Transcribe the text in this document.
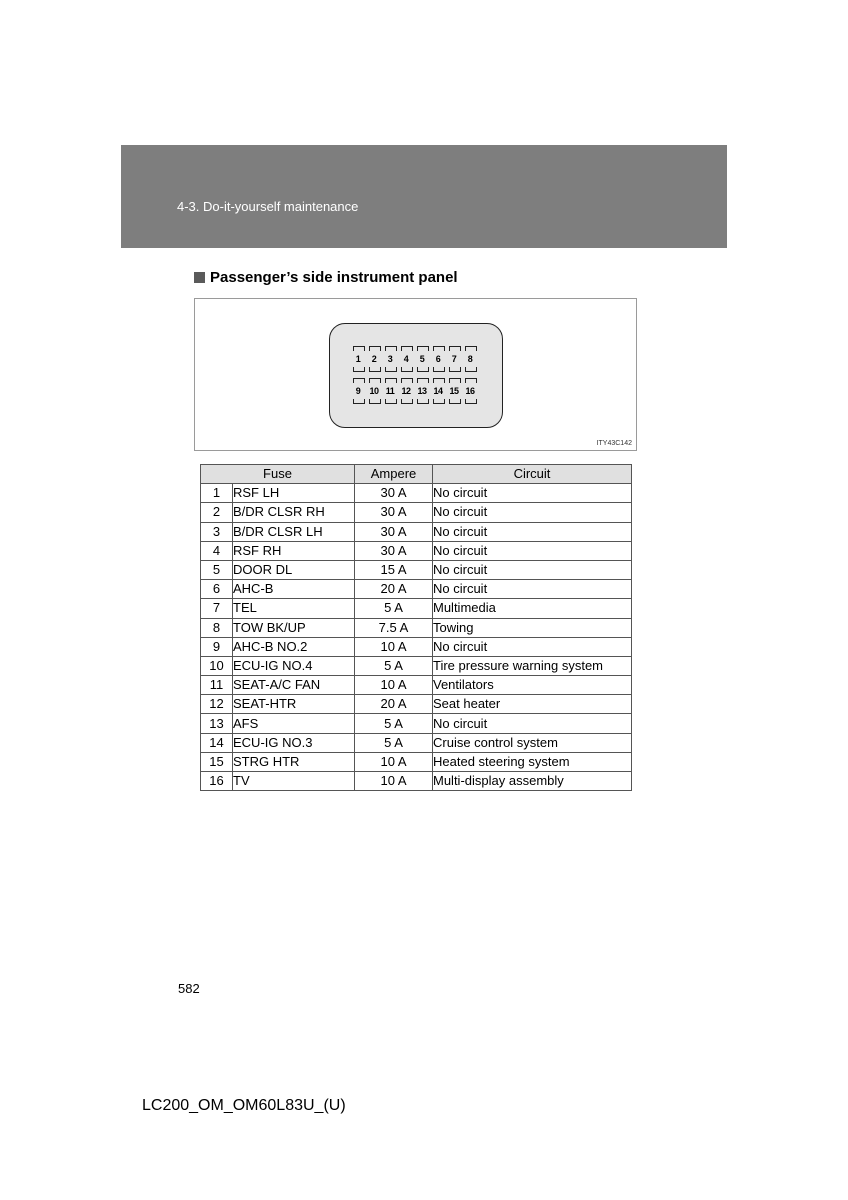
4-3. Do-it-yourself maintenance
Passenger’s side instrument panel
1 2 3 4 5 6 7 8
9 10 11 12 13 14 15 16
ITY43C142
Fuse		Ampere	Circuit
1	RSF LH	30 A	No circuit
2	B/DR CLSR RH	30 A	No circuit
3	B/DR CLSR LH	30 A	No circuit
4	RSF RH	30 A	No circuit
5	DOOR DL	15 A	No circuit
6	AHC-B	20 A	No circuit
7	TEL	5 A	Multimedia
8	TOW BK/UP	7.5 A	Towing
9	AHC-B NO.2	10 A	No circuit
10	ECU-IG NO.4	5 A	Tire pressure warning system
11	SEAT-A/C FAN	10 A	Ventilators
12	SEAT-HTR	20 A	Seat heater
13	AFS	5 A	No circuit
14	ECU-IG NO.3	5 A	Cruise control system
15	STRG HTR	10 A	Heated steering system
16	TV	10 A	Multi-display assembly
582
LC200_OM_OM60L83U_(U)
